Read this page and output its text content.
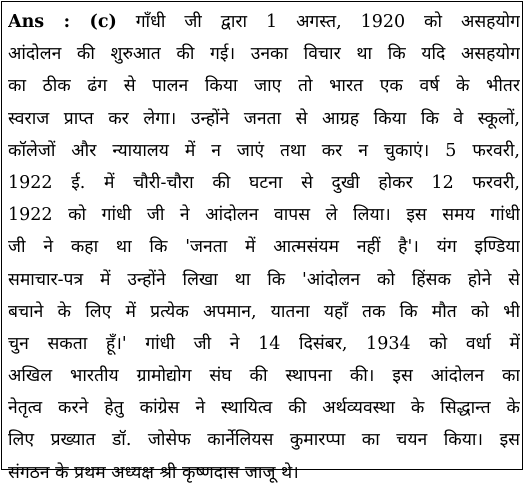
Ans : (c) गाँधी जी द्वारा 1 अगस्त, 1920 को असहयोग
आंदोलन की शुरुआत की गई। उनका विचार था कि यदि असहयोग
का ठीक ढंग से पालन किया जाए तो भारत एक वर्ष के भीतर
स्वराज प्राप्त कर लेगा। उन्होंने जनता से आग्रह किया कि वे स्कूलों,
कॉलेजों और न्यायालय में न जाएं तथा कर न चुकाएं। 5 फरवरी,
1922 ई. में चौरी-चौरा की घटना से दुखी होकर 12 फरवरी,
1922 को गांधी जी ने आंदोलन वापस ले लिया। इस समय गांधी
जी ने कहा था कि 'जनता में आत्मसंयम नहीं है'। यंग इण्डिया
समाचार-पत्र में उन्होंने लिखा था कि 'आंदोलन को हिंसक होने से
बचाने के लिए में प्रत्येक अपमान, यातना यहाँ तक कि मौत को भी
चुन सकता हूँ।' गांधी जी ने 14 दिसंबर, 1934 को वर्धा में
अखिल भारतीय ग्रामोद्योग संघ की स्थापना की। इस आंदोलन का
नेतृत्व करने हेतु कांग्रेस ने स्थायित्व की अर्थव्यवस्था के सिद्धान्त के
लिए प्रख्यात डॉ. जोसेफ कार्नेलियस कुमारप्पा का चयन किया। इस
संगठन के प्रथम अध्यक्ष श्री कृष्णदास जाजू थे।
